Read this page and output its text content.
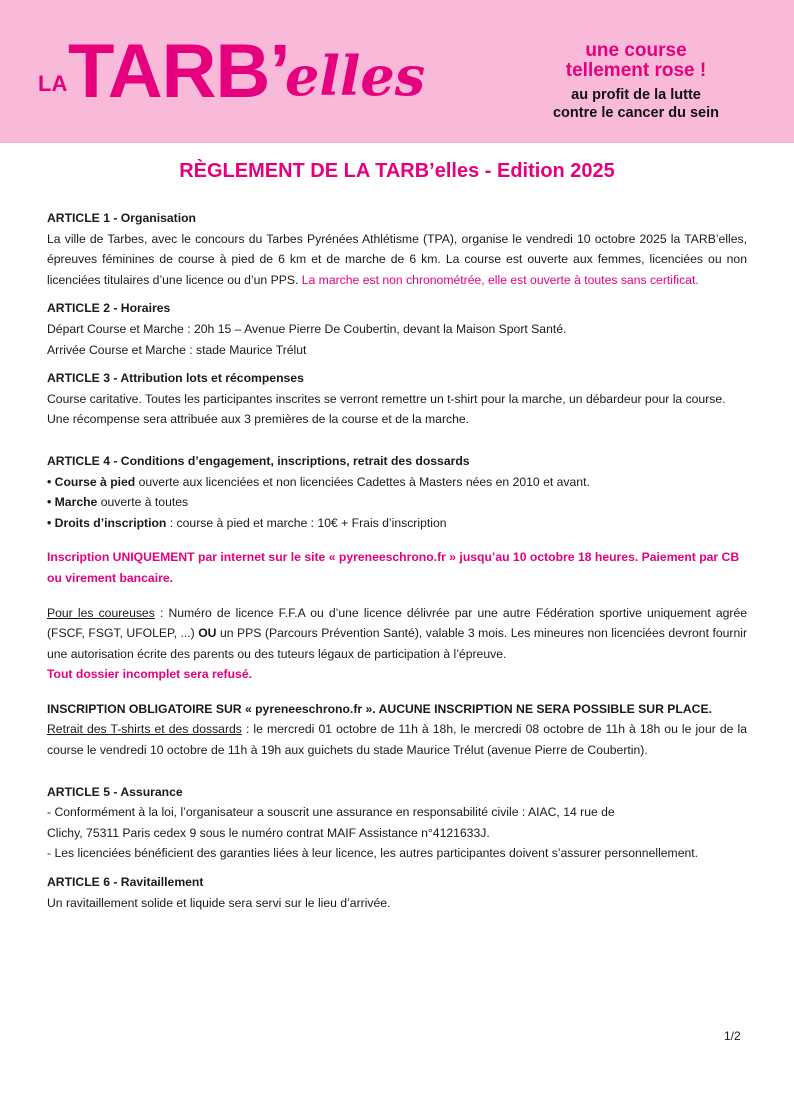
LA TARB’
elles	une course
tellement rose !
au profit de la lutte
contre le cancer du sein
RÈGLEMENT DE LA TARB’elles - Edition 2025

ARTICLE 1 - Organisation

La ville de Tarbes, avec le concours du Tarbes Pyrénées Athlétisme (TPA), organise le vendredi 10 octobre 2025 la TARB’elles, épreuves féminines de course à pied de 6 km et de marche de 6 km. La course est ouverte aux femmes, licenciées ou non licenciées titulaires d’une licence ou d’un PPS. La marche est non chronométrée, elle est ouverte à toutes sans certificat.

ARTICLE 2 - Horaires

Départ Course et Marche : 20h 15 – Avenue Pierre De Coubertin, devant la Maison Sport Santé.

Arrivée Course et Marche : stade Maurice Trélut

ARTICLE 3 - Attribution lots et récompenses

Course caritative. Toutes les participantes inscrites se verront remettre un t-shirt pour la marche, un débardeur pour la course.

Une récompense sera attribuée aux 3 premières de la course et de la marche.

ARTICLE 4 - Conditions d’engagement, inscriptions, retrait des dossards

• Course à pied ouverte aux licenciées et non licenciées Cadettes à Masters nées en 2010 et avant.

• Marche ouverte à toutes

• Droits d’inscription : course à pied et marche : 10€ + Frais d’inscription

Inscription UNIQUEMENT par internet sur le site « pyreneeschrono.fr » jusqu’au 10 octobre 18 heures. Paiement par CB ou virement bancaire.

Pour les coureuses : Numéro de licence F.F.A ou d’une licence délivrée par une autre Fédération sportive uniquement agrée (FSCF, FSGT, UFOLEP, ...) OU un PPS (Parcours Prévention Santé), valable 3 mois. Les mineures non licenciées devront fournir une autorisation écrite des parents ou des tuteurs légaux de participation à l’épreuve.

Tout dossier incomplet sera refusé.

INSCRIPTION OBLIGATOIRE SUR « pyreneeschrono.fr ». AUCUNE INSCRIPTION NE SERA POSSIBLE SUR PLACE.

Retrait des T-shirts et des dossards : le mercredi 01 octobre de 11h à 18h, le mercredi 08 octobre de 11h à 18h ou le jour de la course le vendredi 10 octobre de 11h à 19h aux guichets du stade Maurice Trélut (avenue Pierre de Coubertin).

ARTICLE 5 - Assurance

- Conformément à la loi, l’organisateur a souscrit une assurance en responsabilité civile : AIAC, 14 rue de

Clichy, 75311 Paris cedex 9 sous le numéro contrat MAIF Assistance n°4121633J.

- Les licenciées bénéficient des garanties liées à leur licence, les autres participantes doivent s’assurer personnellement.

ARTICLE 6 - Ravitaillement

Un ravitaillement solide et liquide sera servi sur le lieu d’arrivée.

1/2
